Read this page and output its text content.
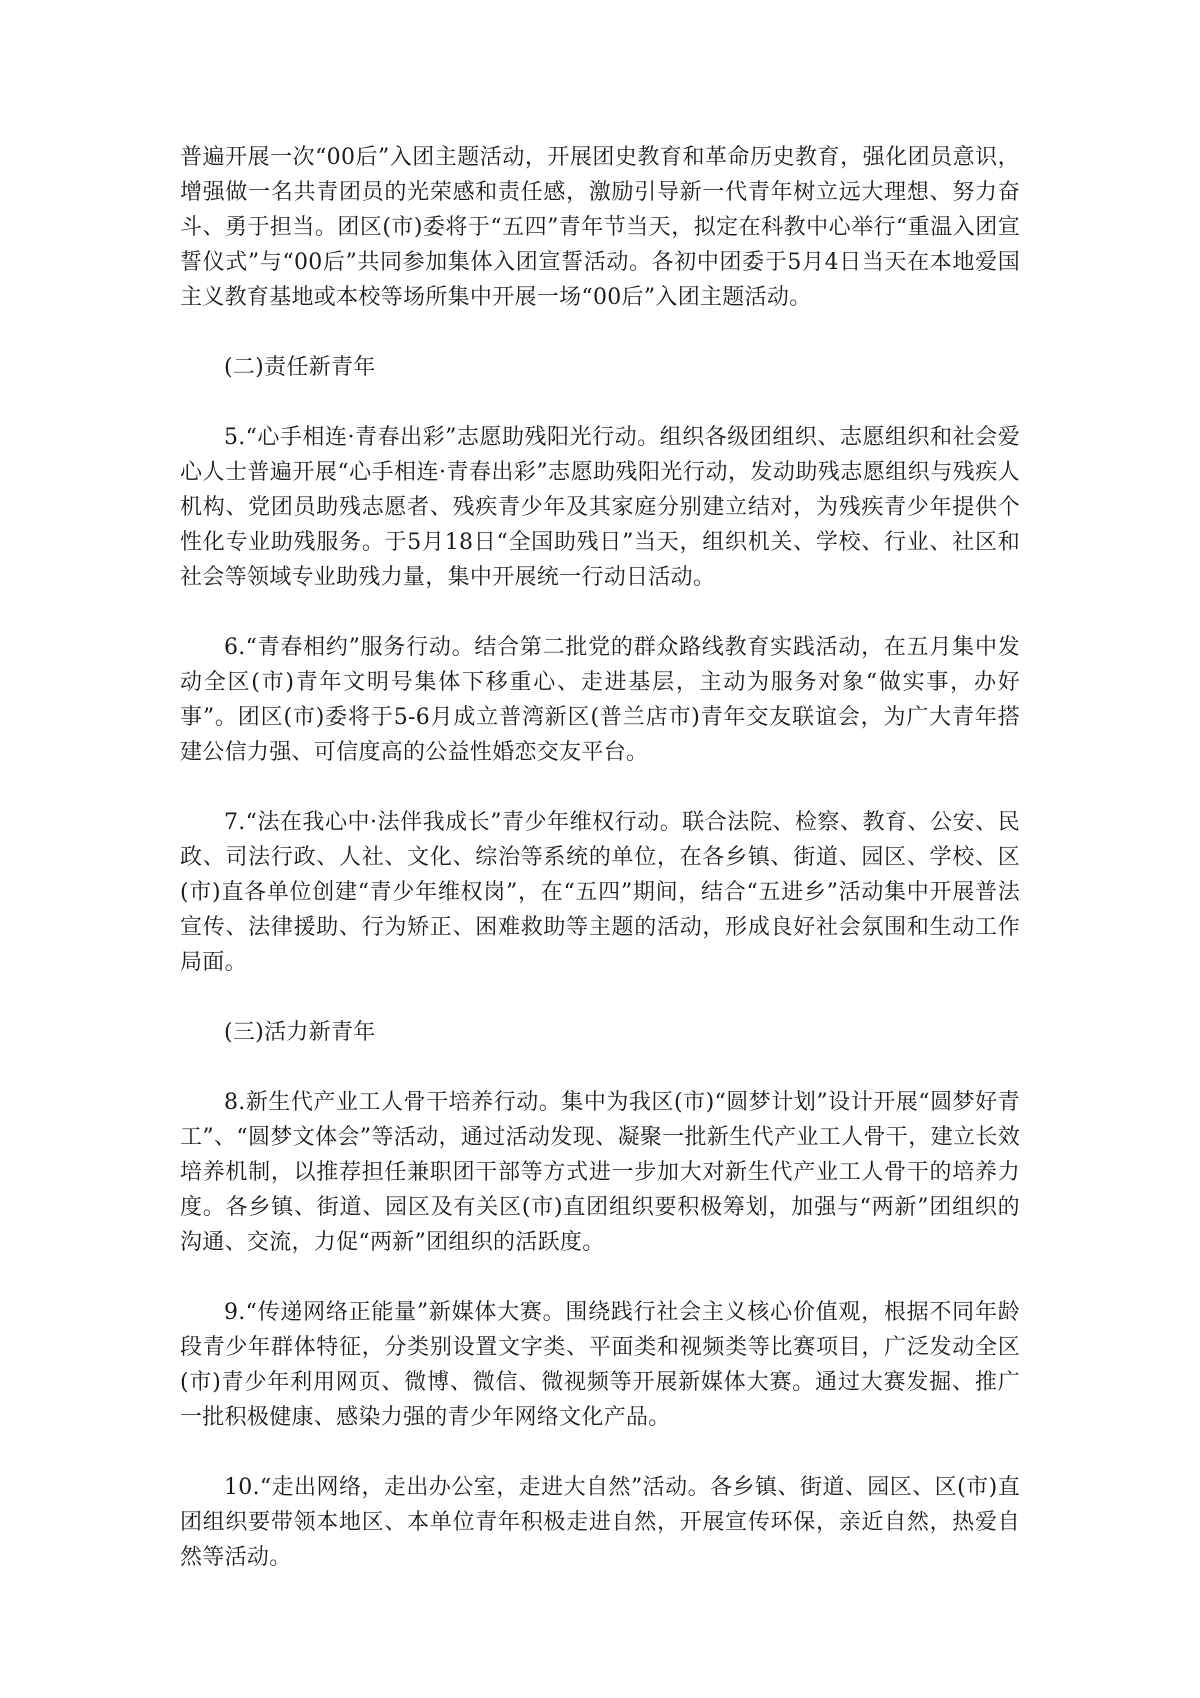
普遍开展一次“00后”入团主题活动，开展团史教育和革命历史教育，强化团员意识，增强做一名共青团员的光荣感和责任感，激励引导新一代青年树立远大理想、努力奋斗、勇于担当。团区(市)委将于“五四”青年节当天，拟定在科教中心举行“重温入团宣誓仪式”与“00后”共同参加集体入团宣誓活动。各初中团委于5月4日当天在本地爱国主义教育基地或本校等场所集中开展一场“00后”入团主题活动。

(二)责任新青年

5.“心手相连·青春出彩”志愿助残阳光行动。组织各级团组织、志愿组织和社会爱心人士普遍开展“心手相连·青春出彩”志愿助残阳光行动，发动助残志愿组织与残疾人机构、党团员助残志愿者、残疾青少年及其家庭分别建立结对，为残疾青少年提供个性化专业助残服务。于5月18日“全国助残日”当天，组织机关、学校、行业、社区和社会等领域专业助残力量，集中开展统一行动日活动。

6.“青春相约”服务行动。结合第二批党的群众路线教育实践活动，在五月集中发动全区(市)青年文明号集体下移重心、走进基层，主动为服务对象“做实事，办好事”。团区(市)委将于5-6月成立普湾新区(普兰店市)青年交友联谊会，为广大青年搭建公信力强、可信度高的公益性婚恋交友平台。

7.“法在我心中·法伴我成长”青少年维权行动。联合法院、检察、教育、公安、民政、司法行政、人社、文化、综治等系统的单位，在各乡镇、街道、园区、学校、区(市)直各单位创建“青少年维权岗”，在“五四”期间，结合“五进乡”活动集中开展普法宣传、法律援助、行为矫正、困难救助等主题的活动，形成良好社会氛围和生动工作局面。

(三)活力新青年

8.新生代产业工人骨干培养行动。集中为我区(市)“圆梦计划”设计开展“圆梦好青工”、“圆梦文体会”等活动，通过活动发现、凝聚一批新生代产业工人骨干，建立长效培养机制，以推荐担任兼职团干部等方式进一步加大对新生代产业工人骨干的培养力度。各乡镇、街道、园区及有关区(市)直团组织要积极筹划，加强与“两新”团组织的沟通、交流，力促“两新”团组织的活跃度。

9.“传递网络正能量”新媒体大赛。围绕践行社会主义核心价值观，根据不同年龄段青少年群体特征，分类别设置文字类、平面类和视频类等比赛项目，广泛发动全区(市)青少年利用网页、微博、微信、微视频等开展新媒体大赛。通过大赛发掘、推广一批积极健康、感染力强的青少年网络文化产品。

10.“走出网络，走出办公室，走进大自然”活动。各乡镇、街道、园区、区(市)直团组织要带领本地区、本单位青年积极走进自然，开展宣传环保，亲近自然，热爱自然等活动。
